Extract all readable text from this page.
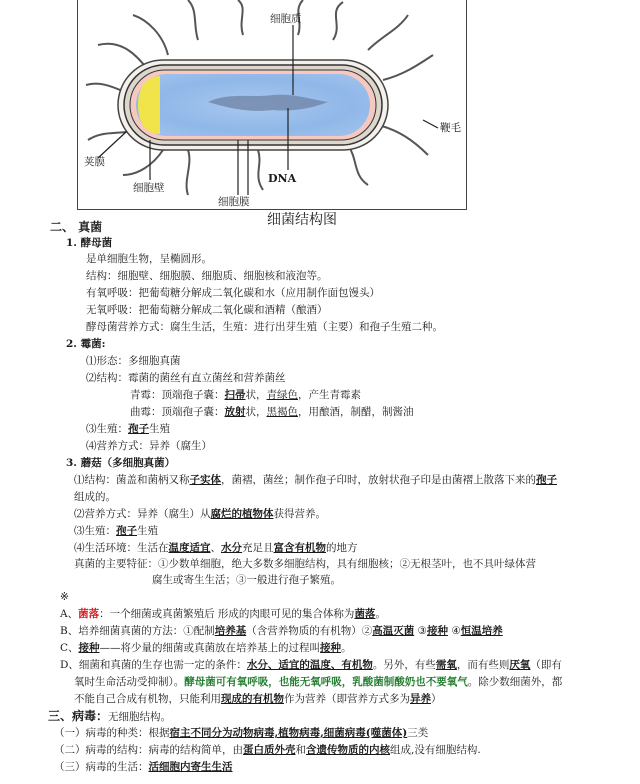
细胞质
鞭毛
荚膜
细胞壁
细胞膜
DNA
细菌结构图
二、 真菌
1. 酵母菌
是单细胞生物，呈椭圆形。
结构：细胞壁、细胞膜、细胞质、细胞核和液泡等。
有氧呼吸：把葡萄糖分解成二氧化碳和水（应用制作面包馒头）
无氧呼吸：把葡萄糖分解成二氧化碳和酒精（酿酒）
酵母菌营养方式：腐生生活，生殖：进行出芽生殖（主要）和孢子生殖二种。
2. 霉菌:
⑴形态：多细胞真菌
⑵结构：霉菌的菌丝有直立菌丝和营养菌丝
青霉：顶端孢子囊：扫帚状，青绿色，产生青霉素
曲霉：顶端孢子囊：放射状，黑褐色，用酿酒，制醋，制酱油
⑶生殖：孢子生殖
⑷营养方式：异养（腐生）
3. 蘑菇（多细胞真菌）
⑴结构：菌盖和菌柄又称子实体，菌褶，菌丝；制作孢子印时，放射状孢子印是由菌褶上散落下来的孢子
组成的。
⑵营养方式：异养（腐生）从腐烂的植物体获得营养。
⑶生殖：孢子生殖
⑷生活环境：生活在温度适宜、水分充足且富含有机物的地方
真菌的主要特征：①少数单细胞，绝大多数多细胞结构，具有细胞核；②无根茎叶，也不具叶绿体营
腐生或寄生生活；③一般进行孢子繁殖。
※
A、菌落：一个细菌或真菌繁殖后 形成的肉眼可见的集合体称为菌落。
B、培养细菌真菌的方法：①配制培养基（含营养物质的有机物）②高温灭菌 ③接种 ④恒温培养
C、接种——将少量的细菌或真菌放在培养基上的过程叫接种。
D、细菌和真菌的生存也需一定的条件：水分、适宜的温度、有机物。另外，有些需氧，而有些则厌氧（即有
氧时生命活动受抑制）。酵母菌可有氧呼吸，也能无氧呼吸，乳酸菌制酸奶也不要氧气。除少数细菌外，都
不能自己合成有机物，只能利用现成的有机物作为营养（即营养方式多为异养）
三、病毒：无细胞结构。
（一）病毒的种类：根据宿主不同分为动物病毒,植物病毒,细菌病毒(噬菌体)三类
（二）病毒的结构：病毒的结构简单，由蛋白质外壳和含遗传物质的内核组成,没有细胞结构.
（三）病毒的生活：活细胞内寄生生活
